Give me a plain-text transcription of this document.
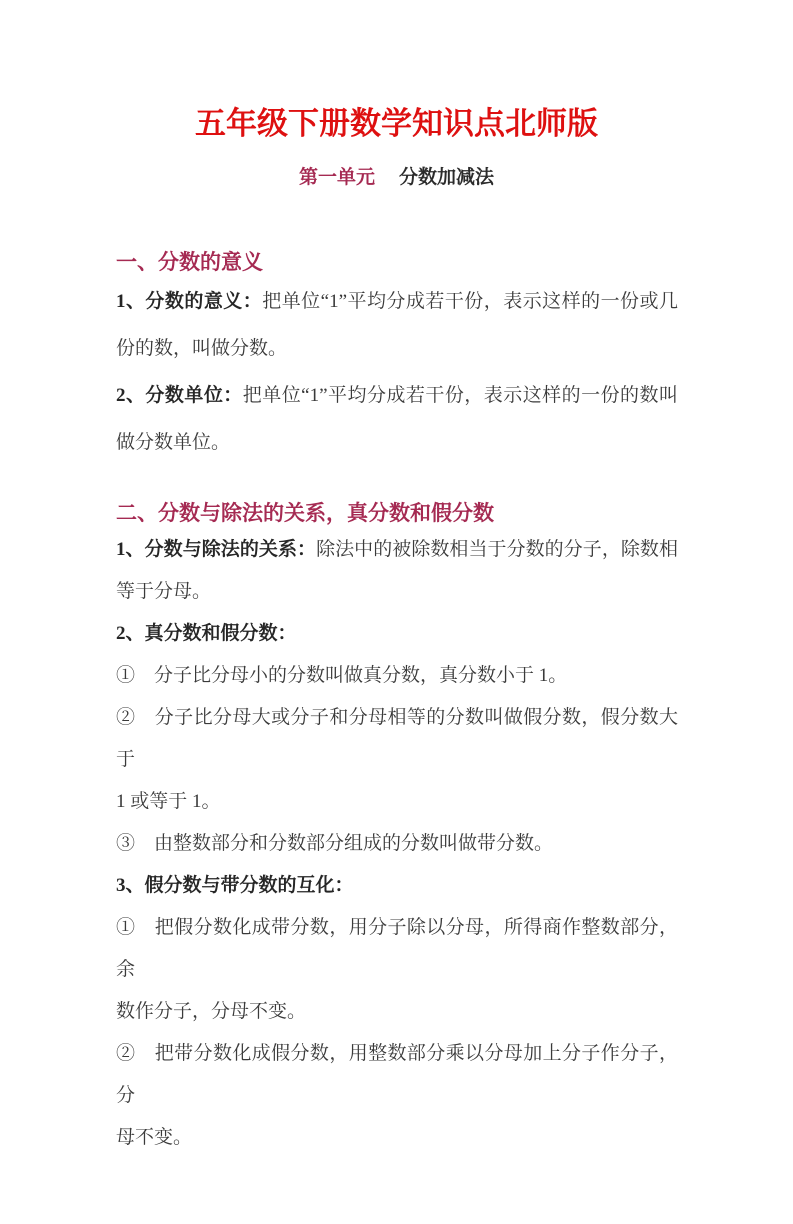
五年级下册数学知识点北师版
第一单元 分数加减法
一、分数的意义
1、分数的意义：把单位“1”平均分成若干份，表示这样的一份或几
份的数，叫做分数。
2、分数单位：把单位“1”平均分成若干份，表示这样的一份的数叫
做分数单位。
二、分数与除法的关系，真分数和假分数
1、分数与除法的关系：除法中的被除数相当于分数的分子，除数相
等于分母。
2、真分数和假分数：
①　分子比分母小的分数叫做真分数，真分数小于 1。
②　分子比分母大或分子和分母相等的分数叫做假分数，假分数大于
1 或等于 1。
③　由整数部分和分数部分组成的分数叫做带分数。
3、假分数与带分数的互化：
①　把假分数化成带分数，用分子除以分母，所得商作整数部分，余
数作分子，分母不变。
②　把带分数化成假分数，用整数部分乘以分母加上分子作分子，分
母不变。
